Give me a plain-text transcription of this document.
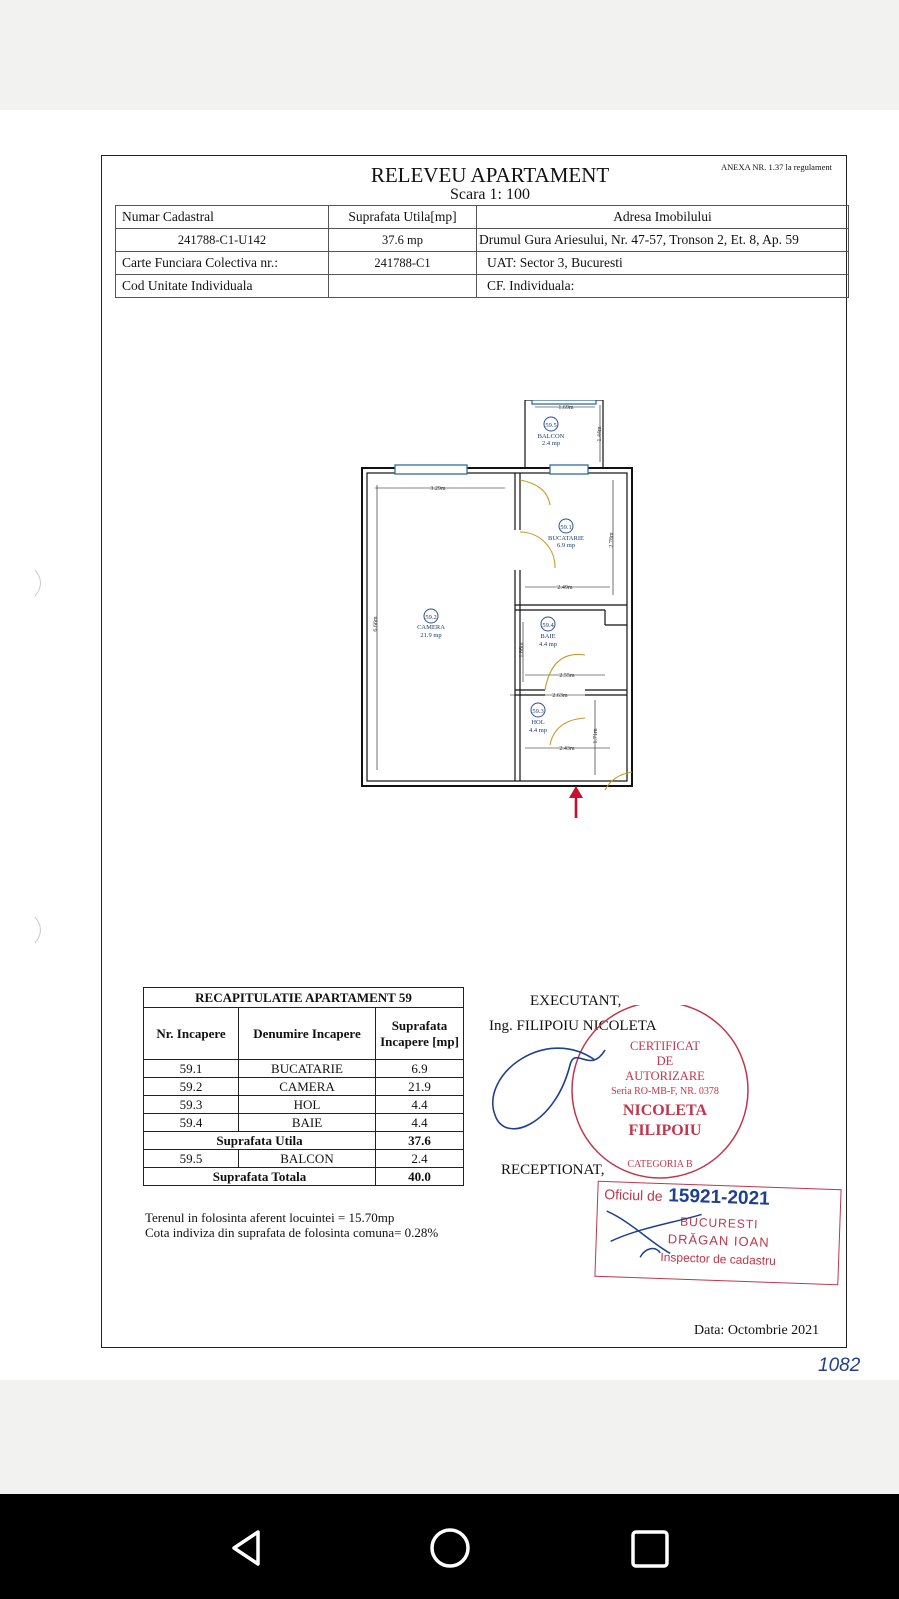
ANEXA NR. 1.37 la regulament
RELEVEU APARTAMENT
Scara 1: 100
Numar Cadastral	Suprafata Utila[mp]	Adresa Imobilului
241788-C1-U142	37.6 mp	Drumul Gura Ariesului, Nr. 47-57, Tronson 2, Et. 8, Ap. 59
Carte Funciara Colectiva nr.:	241788-C1	UAT: Sector 3, Bucuresti
Cod Unitate Individuala		CF. Individuala:
59.5
BALCON
2.4 mp
59.1
BUCATARIE
6.9 mp
59.2
CAMERA
21.9 mp
59.4
BAIE
4.4 mp
59.3
HOL
4.4 mp
3.29m
6.66m
1.69m
1.44m
2.49m
2.78m
1.86m
2.55m
2.63m
1.71m
2.43m
RECAPITULATIE APARTAMENT 59		
Nr. Incapere	Denumire Incapere	Suprafata
Incapere [mp]

59.1	BUCATARIE	6.9
59.2	CAMERA	21.9
59.3	HOL	4.4
59.4	BAIE	4.4
Suprafata Utila		37.6
59.5	BALCON	2.4
Suprafata Totala		40.0
Terenul in folosinta aferent locuintei = 15.70mp
Cota indiviza din suprafata de folosinta comuna= 0.28%
EXECUTANT,
Ing. FILIPOIU NICOLETA
CERTIFICAT
DE
AUTORIZARE
Seria RO-MB-F, NR. 0378
NICOLETA
FILIPOIU
CATEGORIA B
RECEPTIONAT,
Oficiul de 15921-2021
BUCURESTI
DRĂGAN IOAN
Inspector de cadastru
Data: Octombrie 2021
1082
